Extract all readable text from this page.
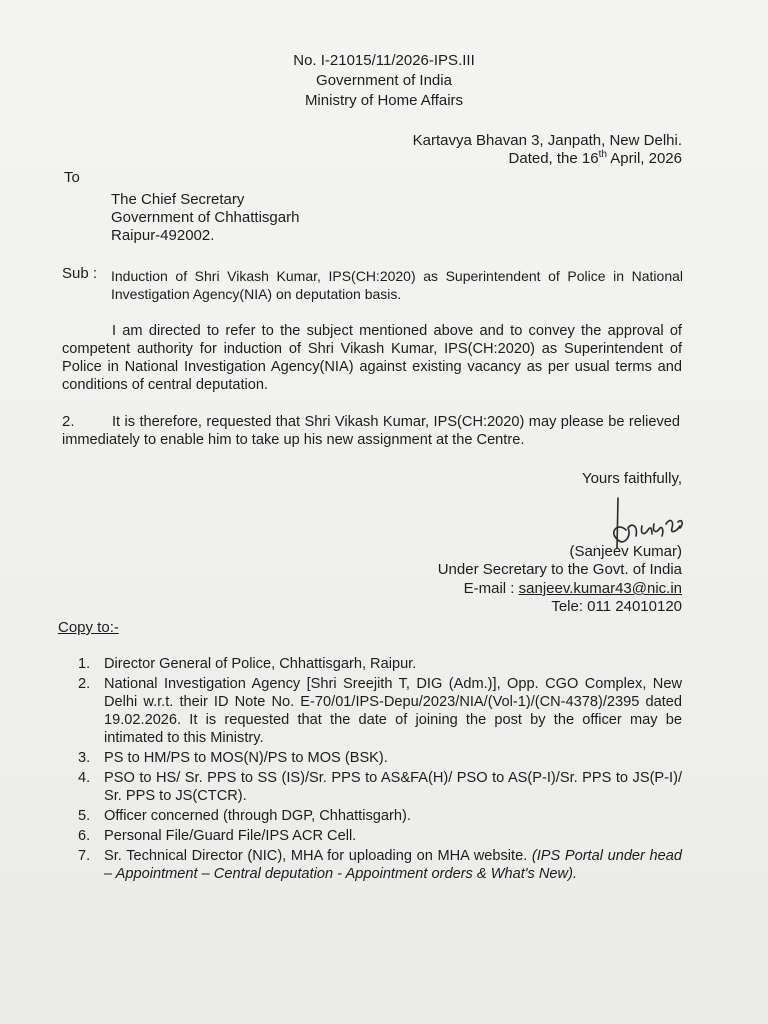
No. I-21015/11/2026-IPS.III
Government of India
Ministry of Home Affairs
Kartavya Bhavan 3, Janpath, New Delhi.
Dated, the 16th April, 2026
To
The Chief Secretary
Government of Chhattisgarh
Raipur-492002.
Sub : Induction of Shri Vikash Kumar, IPS(CH:2020) as Superintendent of Police in National Investigation Agency(NIA) on deputation basis.
I am directed to refer to the subject mentioned above and to convey the approval of competent authority for induction of Shri Vikash Kumar, IPS(CH:2020) as Superintendent of Police in National Investigation Agency(NIA) against existing vacancy as per usual terms and conditions of central deputation.
2.	It is therefore, requested that Shri Vikash Kumar, IPS(CH:2020) may please be relieved immediately to enable him to take up his new assignment at the Centre.
Yours faithfully,
(Sanjeev Kumar)
Under Secretary to the Govt. of India
E-mail : sanjeev.kumar43@nic.in
Tele: 011 24010120
Copy to:-
1. Director General of Police, Chhattisgarh, Raipur.
2. National Investigation Agency [Shri Sreejith T, DIG (Adm.)], Opp. CGO Complex, New Delhi w.r.t. their ID Note No. E-70/01/IPS-Depu/2023/NIA/(Vol-1)/(CN-4378)/2395 dated 19.02.2026. It is requested that the date of joining the post by the officer may be intimated to this Ministry.
3. PS to HM/PS to MOS(N)/PS to MOS (BSK).
4. PSO to HS/ Sr. PPS to SS (IS)/Sr. PPS to AS&FA(H)/ PSO to AS(P-I)/Sr. PPS to JS(P-I)/ Sr. PPS to JS(CTCR).
5. Officer concerned (through DGP, Chhattisgarh).
6. Personal File/Guard File/IPS ACR Cell.
7. Sr. Technical Director (NIC), MHA for uploading on MHA website. (IPS Portal under head – Appointment – Central deputation - Appointment orders & What's New).
